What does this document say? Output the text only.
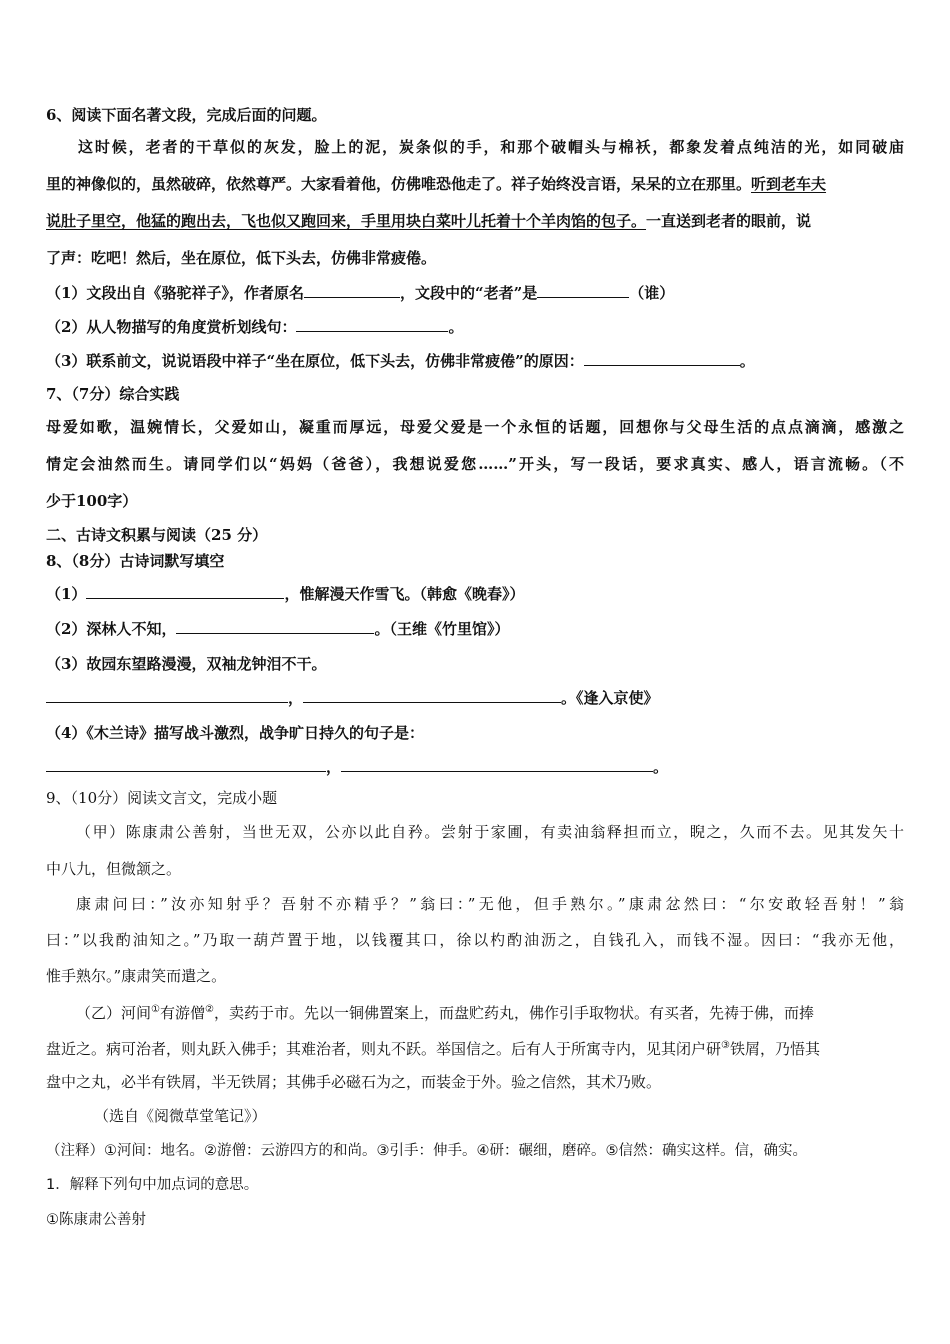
6、阅读下面名著文段，完成后面的问题。
这时候，老者的干草似的灰发，脸上的泥，炭条似的手，和那个破帽头与棉袄，都象发着点纯洁的光，如同破庙
里的神像似的，虽然破碎，依然尊严。大家看着他，仿佛唯恐他走了。祥子始终没言语，呆呆的立在那里。听到老车夫
说肚子里空，他猛的跑出去，飞也似又跑回来，手里用块白菜叶儿托着十个羊肉馅的包子。一直送到老者的眼前，说
了声：吃吧！然后，坐在原位，低下头去，仿佛非常疲倦。
（1）文段出自《骆驼祥子》，作者原名	，文段中的“老者”是	（谁）
（2）从人物描写的角度赏析划线句：	。
（3）联系前文，说说语段中祥子“坐在原位，低下头去，仿佛非常疲倦”的原因：	。
7、（7分）综合实践
母爱如歌，温婉情长，父爱如山，凝重而厚远，母爱父爱是一个永恒的话题，回想你与父母生活的点点滴滴，感激之
情定会油然而生。请同学们以“妈妈（爸爸），我想说爱您……”开头，写一段话，要求真实、感人，语言流畅。（不
少于100字）
二、古诗文积累与阅读（25 分）
8、（8分）古诗词默写填空
（1）	，惟解漫天作雪飞。（韩愈《晚春》）
（2）深林人不知，	。（王维《竹里馆》）
（3）故园东望路漫漫，双袖龙钟泪不干。
，	。《逢入京使》
（4）《木兰诗》描写战斗激烈，战争旷日持久的句子是：
，	。
9、（10分）阅读文言文，完成小题
（甲）陈康肃公善射，当世无双，公亦以此自矜。尝射于家圃，有卖油翁释担而立，睨之，久而不去。见其发矢十
中八九，但微颔之。
康肃问曰：”汝亦知射乎？吾射不亦精乎？”翁曰：”无他，但手熟尔。”康肃忿然曰：“尔安敢轻吾射！”翁
曰：”以我酌油知之。”乃取一葫芦置于地，以钱覆其口，徐以杓酌油沥之，自钱孔入，而钱不湿。因曰：“我亦无他，
惟手熟尔。”康肃笑而遣之。
（乙）河间①有游僧②，卖药于市。先以一铜佛置案上，而盘贮药丸，佛作引手取物状。有买者，先祷于佛，而捧
盘近之。病可治者，则丸跃入佛手；其难治者，则丸不跃。举国信之。后有人于所寓寺内，见其闭户研③铁屑，乃悟其
盘中之丸，必半有铁屑，半无铁屑；其佛手必磁石为之，而装金于外。验之信然，其术乃败。
（选自《阅微草堂笔记》）
（注释）①河间：地名。②游僧：云游四方的和尚。③引手：伸手。④研：碾细，磨碎。⑤信然：确实这样。信，确实。
1．解释下列句中加点词的意思。
①陈康肃公善射
